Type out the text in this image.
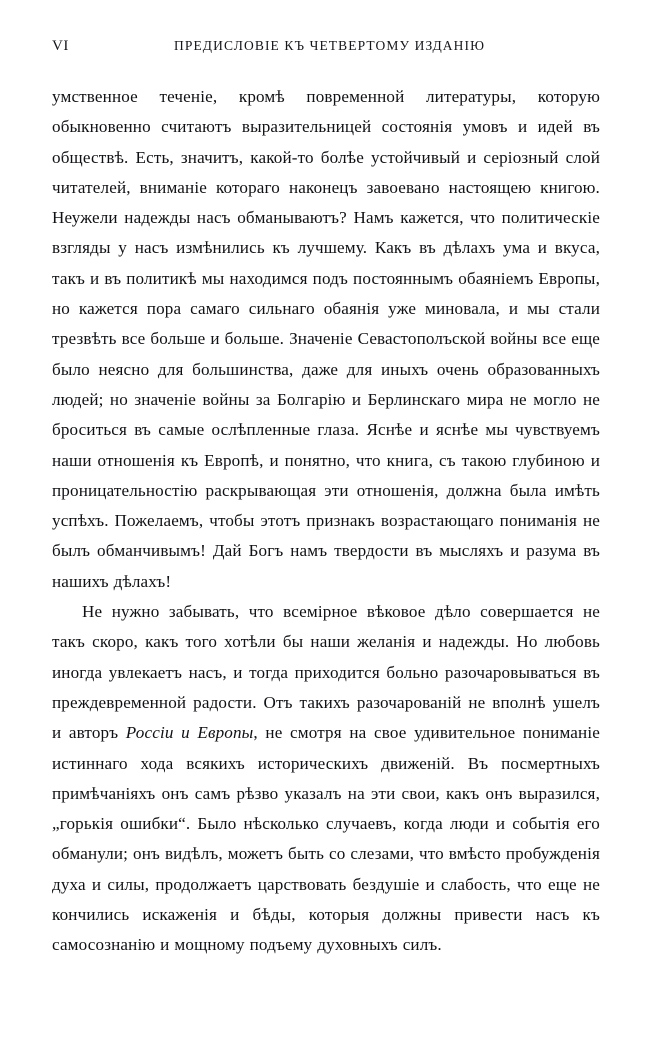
VI	ПРЕДИСЛОВІЕ КЪ ЧЕТВЕРТОМУ ИЗДАНІЮ

умственное теченіе, кромѣ повременной литературы, которую обыкновенно считаютъ выразительницей состоянія умовъ и идей въ обществѣ. Есть, значитъ, какой-то болѣе устойчивый и серіозный слой читателей, вниманіе котораго наконецъ завоевано настоящею книгою. Неужели надежды насъ обманываютъ? Намъ кажется, что политическіе взгляды у насъ измѣнились къ лучшему. Какъ въ дѣлахъ ума и вкуса, такъ и въ политикѣ мы находимся подъ постояннымъ обаяніемъ Европы, но кажется пора самаго сильнаго обаянія уже миновала, и мы стали трезвѣть все больше и больше. Значеніе Севастополъской войны все еще было неясно для большинства, даже для иныхъ очень образованныхъ людей; но значеніе войны за Болгарію и Берлинскаго мира не могло не броситься въ самые ослѣпленные глаза. Яснѣе и яснѣе мы чувствуемъ наши отношенія къ Европѣ, и понятно, что книга, съ такою глубиною и проницательностію раскрывающая эти отношенія, должна была имѣть успѣхъ. Пожелаемъ, чтобы этотъ признакъ возрастающаго пониманія не былъ обманчивымъ! Дай Богъ намъ твердости въ мысляхъ и разума въ нашихъ дѣлахъ!

Не нужно забывать, что всемірное вѣковое дѣло совершается не такъ скоро, какъ того хотѣли бы наши желанія и надежды. Но любовь иногда увлекаетъ насъ, и тогда приходится больно разочаровываться въ преждевременной радости. Отъ такихъ разочарованій не вполнѣ ушелъ и авторъ Россіи и Европы, не смотря на свое удивительное пониманіе истиннаго хода всякихъ историческихъ движеній. Въ посмертныхъ примѣчаніяхъ онъ самъ рѣзво указалъ на эти свои, какъ онъ выразился, „горькія ошибки“. Было нѣсколько случаевъ, когда люди и событія его обманули; онъ видѣлъ, можетъ быть со слезами, что вмѣсто пробужденія духа и силы, продолжаетъ царствовать бездушіе и слабость, что еще не кончились искаженія и бѣды, которыя должны привести насъ къ самосознанію и мощному подъему духовныхъ силъ.
